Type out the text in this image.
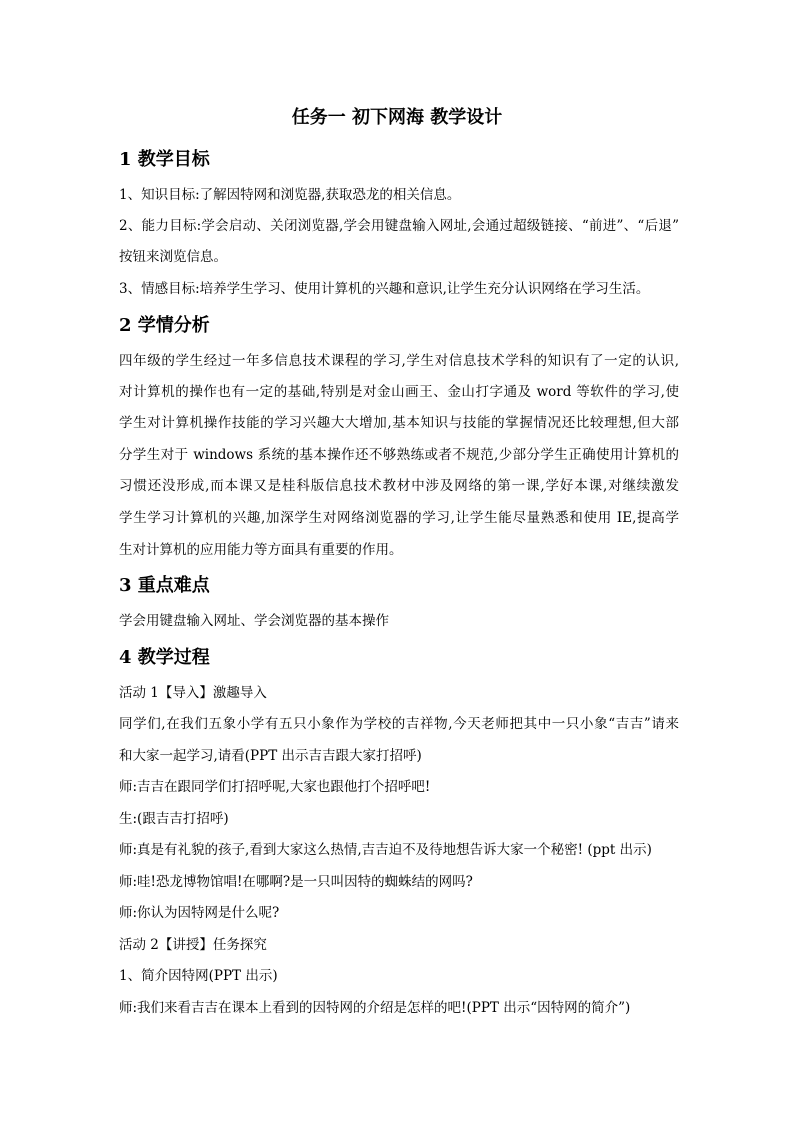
任务一 初下网海 教学设计
1 教学目标
1、知识目标:了解因特网和浏览器,获取恐龙的相关信息。
2、能力目标:学会启动、关闭浏览器,学会用键盘输入网址,会通过超级链接、“前进”、“后退”
按钮来浏览信息。
3、情感目标:培养学生学习、使用计算机的兴趣和意识,让学生充分认识网络在学习生活。
2 学情分析
四年级的学生经过一年多信息技术课程的学习,学生对信息技术学科的知识有了一定的认识,
对计算机的操作也有一定的基础,特别是对金山画王、金山打字通及 word 等软件的学习,使
学生对计算机操作技能的学习兴趣大大增加,基本知识与技能的掌握情况还比较理想,但大部
分学生对于 windows 系统的基本操作还不够熟练或者不规范,少部分学生正确使用计算机的
习惯还没形成,而本课又是桂科版信息技术教材中涉及网络的第一课,学好本课,对继续激发
学生学习计算机的兴趣,加深学生对网络浏览器的学习,让学生能尽量熟悉和使用 IE,提高学
生对计算机的应用能力等方面具有重要的作用。
3 重点难点
学会用键盘输入网址、学会浏览器的基本操作
4 教学过程
活动 1【导入】激趣导入
同学们,在我们五象小学有五只小象作为学校的吉祥物,今天老师把其中一只小象“吉吉”请来
和大家一起学习,请看(PPT 出示吉吉跟大家打招呼)
师:吉吉在跟同学们打招呼呢,大家也跟他打个招呼吧!
生:(跟吉吉打招呼)
师:真是有礼貌的孩子,看到大家这么热情,吉吉迫不及待地想告诉大家一个秘密! (ppt 出示)
师:哇!恐龙博物馆唱!在哪啊?是一只叫因特的蜘蛛结的网吗?
师:你认为因特网是什么呢?
活动 2【讲授】任务探究
1、简介因特网(PPT 出示)
师:我们来看吉吉在课本上看到的因特网的介绍是怎样的吧!(PPT 出示“因特网的简介”)
